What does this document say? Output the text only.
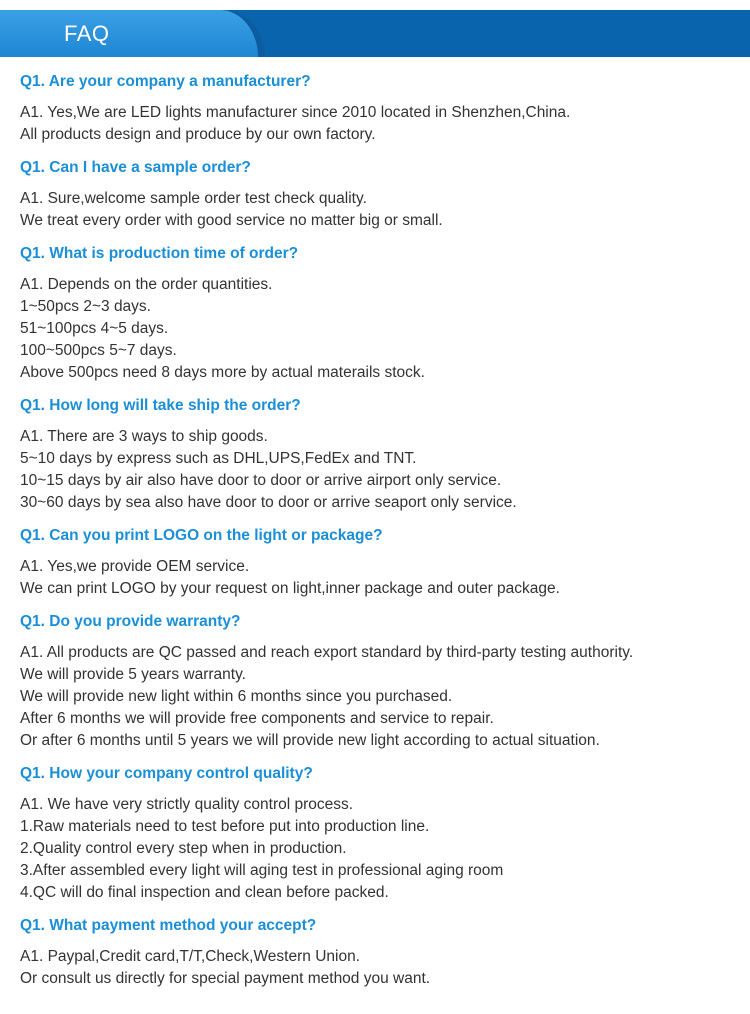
FAQ
Q1. Are your company a manufacturer?
A1. Yes,We are LED lights manufacturer since 2010 located in Shenzhen,China.
All products design and produce by our own factory.
Q1. Can I have a sample order?
A1. Sure,welcome sample order test check quality.
We treat every order with good service no matter big or small.
Q1. What is production time of order?
A1. Depends on the order quantities.
1~50pcs 2~3 days.
51~100pcs 4~5 days.
100~500pcs 5~7 days.
Above 500pcs need 8 days more by actual materails stock.
Q1. How long will take ship the order?
A1. There are 3 ways to ship goods.
5~10 days by express such as DHL,UPS,FedEx and TNT.
10~15 days by air also have door to door or arrive airport only service.
30~60 days by sea also have door to door or arrive seaport only service.
Q1. Can you print LOGO on the light or package?
A1. Yes,we provide OEM service.
We can print LOGO by your request on light,inner package and outer package.
Q1. Do you provide warranty?
A1. All products are QC passed and reach export standard by third-party testing authority.
We will provide 5 years warranty.
We will provide new light within 6 months since you purchased.
After 6 months we will provide free components and service to repair.
Or after 6 months until 5 years we will provide new light according to actual situation.
Q1. How your company control quality?
A1. We have very strictly quality control process.
1.Raw materials need to test before put into production line.
2.Quality control every step when in production.
3.After assembled every light will aging test in professional aging room
4.QC will do final inspection and clean before packed.
Q1. What payment method your accept?
A1. Paypal,Credit card,T/T,Check,Western Union.
Or consult us directly for special payment method you want.
